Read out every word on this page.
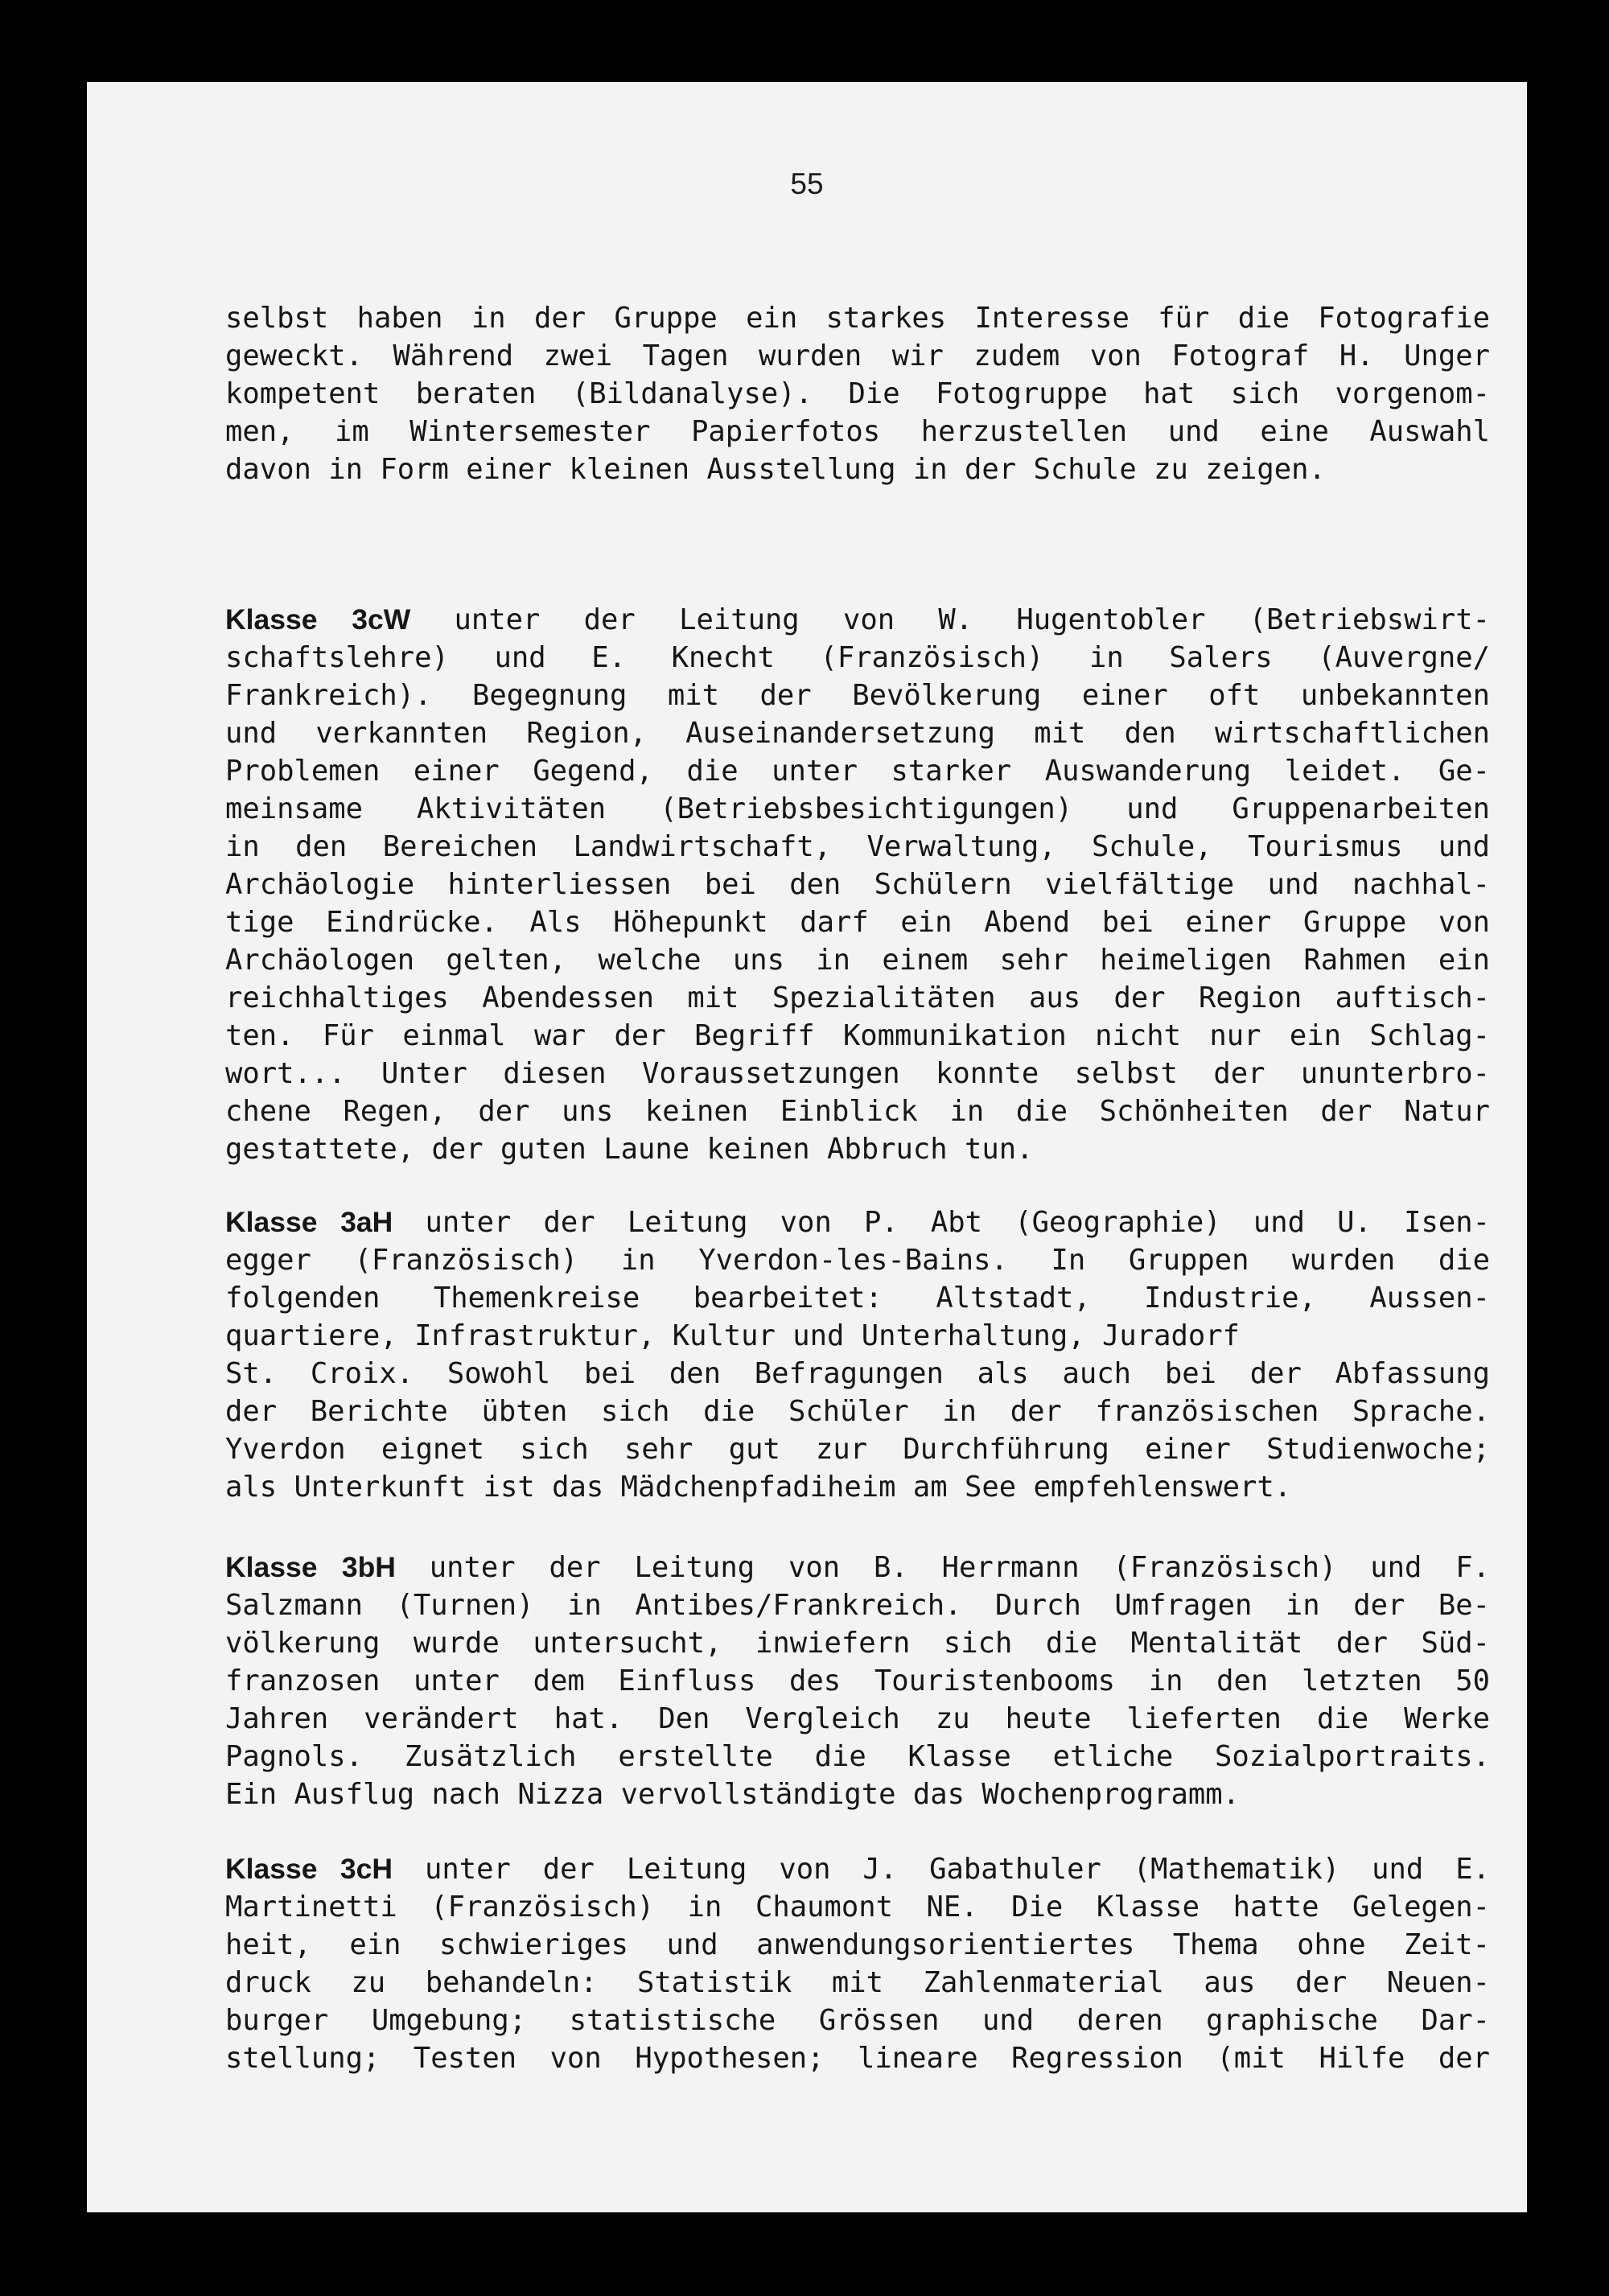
55
selbst haben in der Gruppe ein starkes Interesse für die Fotografie
geweckt. Während zwei Tagen wurden wir zudem von Fotograf H. Unger
kompetent beraten (Bildanalyse). Die Fotogruppe hat sich vorgenom-
men, im Wintersemester Papierfotos herzustellen und eine Auswahl
davon in Form einer kleinen Ausstellung in der Schule zu zeigen.
Klasse 3cW unter der Leitung von W. Hugentobler (Betriebswirt-
schaftslehre) und E. Knecht (Französisch) in Salers (Auvergne/
Frankreich). Begegnung mit der Bevölkerung einer oft unbekannten
und verkannten Region, Auseinandersetzung mit den wirtschaftlichen
Problemen einer Gegend, die unter starker Auswanderung leidet. Ge-
meinsame Aktivitäten (Betriebsbesichtigungen) und Gruppenarbeiten
in den Bereichen Landwirtschaft, Verwaltung, Schule, Tourismus und
Archäologie hinterliessen bei den Schülern vielfältige und nachhal-
tige Eindrücke. Als Höhepunkt darf ein Abend bei einer Gruppe von
Archäologen gelten, welche uns in einem sehr heimeligen Rahmen ein
reichhaltiges Abendessen mit Spezialitäten aus der Region auftisch-
ten. Für einmal war der Begriff Kommunikation nicht nur ein Schlag-
wort... Unter diesen Voraussetzungen konnte selbst der ununterbro-
chene Regen, der uns keinen Einblick in die Schönheiten der Natur
gestattete, der guten Laune keinen Abbruch tun.
Klasse 3aH unter der Leitung von P. Abt (Geographie) und U. Isen-
egger (Französisch) in Yverdon-les-Bains. In Gruppen wurden die
folgenden Themenkreise bearbeitet: Altstadt, Industrie, Aussen-
quartiere, Infrastruktur, Kultur und Unterhaltung, Juradorf
St. Croix. Sowohl bei den Befragungen als auch bei der Abfassung
der Berichte übten sich die Schüler in der französischen Sprache.
Yverdon eignet sich sehr gut zur Durchführung einer Studienwoche;
als Unterkunft ist das Mädchenpfadiheim am See empfehlenswert.
Klasse 3bH unter der Leitung von B. Herrmann (Französisch) und F.
Salzmann (Turnen) in Antibes/Frankreich. Durch Umfragen in der Be-
völkerung wurde untersucht, inwiefern sich die Mentalität der Süd-
franzosen unter dem Einfluss des Touristenbooms in den letzten 50
Jahren verändert hat. Den Vergleich zu heute lieferten die Werke
Pagnols. Zusätzlich erstellte die Klasse etliche Sozialportraits.
Ein Ausflug nach Nizza vervollständigte das Wochenprogramm.
Klasse 3cH unter der Leitung von J. Gabathuler (Mathematik) und E.
Martinetti (Französisch) in Chaumont NE. Die Klasse hatte Gelegen-
heit, ein schwieriges und anwendungsorientiertes Thema ohne Zeit-
druck zu behandeln: Statistik mit Zahlenmaterial aus der Neuen-
burger Umgebung; statistische Grössen und deren graphische Dar-
stellung; Testen von Hypothesen; lineare Regression (mit Hilfe der
